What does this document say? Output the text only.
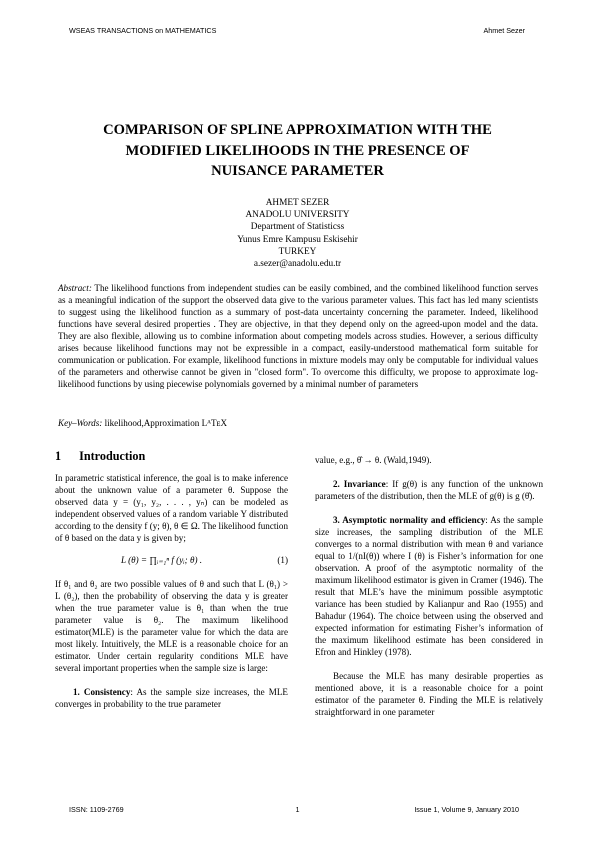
WSEAS TRANSACTIONS on MATHEMATICS	Ahmet Sezer
COMPARISON OF SPLINE APPROXIMATION WITH THE
MODIFIED LIKELIHOODS IN THE PRESENCE OF
NUISANCE PARAMETER
AHMET SEZER
ANADOLU UNIVERSITY
Department of Statisticss
Yunus Emre Kampusu Eskisehir
TURKEY
a.sezer@anadolu.edu.tr
Abstract: The likelihood functions from independent studies can be easily combined, and the combined likelihood function serves as a meaningful indication of the support the observed data give to the various parameter values. This fact has led many scientists to suggest using the likelihood function as a summary of post-data uncertainty concerning the parameter. Indeed, likelihood functions have several desired properties . They are objective, in that they depend only on the agreed-upon model and the data. They are also flexible, allowing us to combine information about competing models across studies. However, a serious difficulty arises because likelihood functions may not be expressible in a compact, easily-understood mathematical form suitable for communication or publication. For example, likelihood functions in mixture models may only be computable for individual values of the parameters and otherwise cannot be given in "closed form". To overcome this difficulty, we propose to approximate log-likelihood functions by using piecewise polynomials governed by a minimal number of parameters
Key–Words: likelihood,Approximation LᴬTᴇX
1 Introduction

In parametric statistical inference, the goal is to make inference about the unknown value of a parameter θ. Suppose the observed data y = (y₁, y₂, . . . , yₙ) can be modeled as independent observed values of a random variable Y distributed according to the density f (y; θ), θ ∈ Ω. The likelihood function of θ based on the data y is given by;

L (θ) = ∏ᵢ₌₁ⁿ f (yᵢ; θ) .	(1)

If θ₁ and θ₂ are two possible values of θ and such that L (θ₁) > L (θ₂), then the probability of observing the data y is greater when the true parameter value is θ₁ than when the true parameter value is θ₂. The maximum likelihood estimator(MLE) is the parameter value for which the data are most likely. Intuitively, the MLE is a reasonable choice for an estimator. Under certain regularity conditions MLE have several important properties when the sample size is large:

1. Consistency: As the sample size increases, the MLE converges in probability to the true parameter

value, e.g., θ̂ → θ. (Wald,1949).

2. Invariance: If g(θ) is any function of the unknown parameters of the distribution, then the MLE of g(θ) is g (θ̂).

3. Asymptotic normality and efficiency: As the sample size increases, the sampling distribution of the MLE converges to a normal distribution with mean θ and variance equal to 1/(nI(θ)) where I (θ) is Fisher’s information for one observation. A proof of the asymptotic normality of the maximum likelihood estimator is given in Cramer (1946). The result that MLE’s have the minimum possible asymptotic variance has been studied by Kalianpur and Rao (1955) and Bahadur (1964). The choice between using the observed and expected information for estimating Fisher’s information of the maximum likelihood estimate has been considered in Efron and Hinkley (1978).

Because the MLE has many desirable properties as mentioned above, it is a reasonable choice for a point estimator of the parameter θ. Finding the MLE is relatively straightforward in one parameter

ISSN: 1109-2769	1	Issue 1, Volume 9, January 2010
